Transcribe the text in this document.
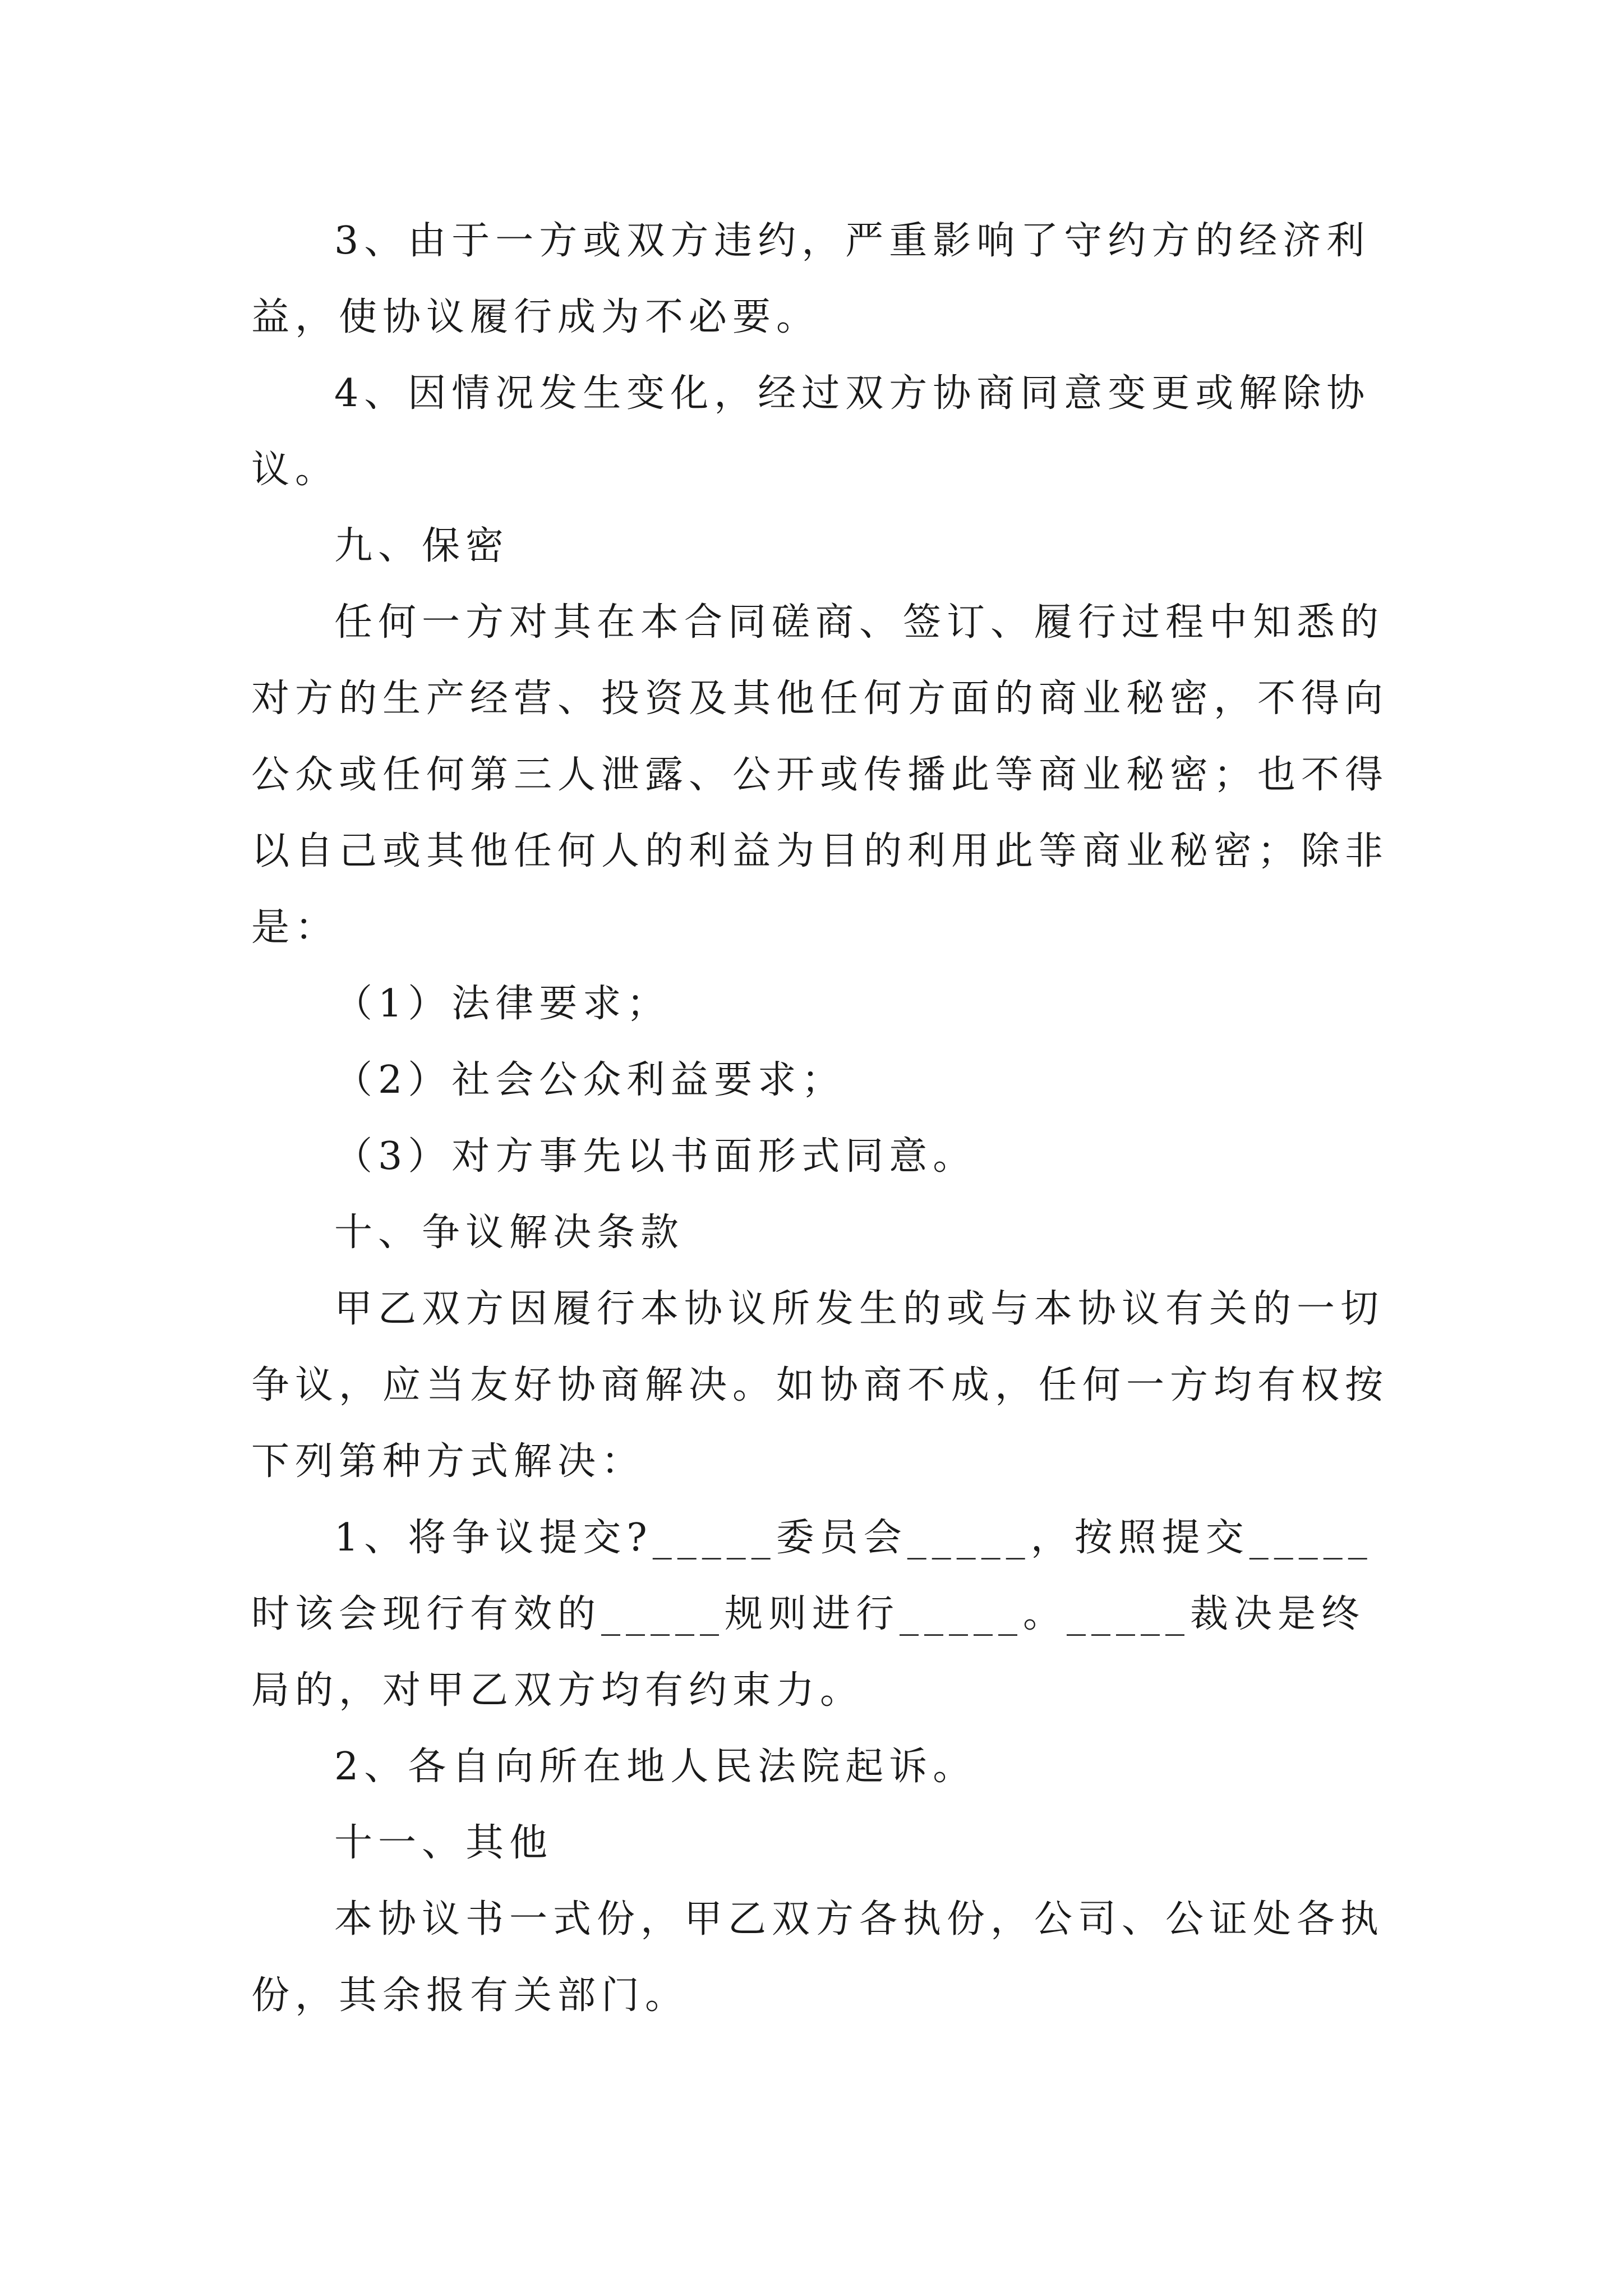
3、由于一方或双方违约，严重影响了守约方的经济利益，使协议履行成为不必要。

4、因情况发生变化，经过双方协商同意变更或解除协议。

九、保密

任何一方对其在本合同磋商、签订、履行过程中知悉的对方的生产经营、投资及其他任何方面的商业秘密，不得向公众或任何第三人泄露、公开或传播此等商业秘密；也不得以自己或其他任何人的利益为目的利用此等商业秘密；除非是：

（1）法律要求；

（2）社会公众利益要求；

（3）对方事先以书面形式同意。

十、争议解决条款

甲乙双方因履行本协议所发生的或与本协议有关的一切争议，应当友好协商解决。如协商不成，任何一方均有权按下列第种方式解决：

1、将争议提交?_____委员会_____，按照提交_____时该会现行有效的_____规则进行_____。_____裁决是终局的，对甲乙双方均有约束力。

2、各自向所在地人民法院起诉。

十一、其他

本协议书一式份，甲乙双方各执份，公司、公证处各执份，其余报有关部门。
